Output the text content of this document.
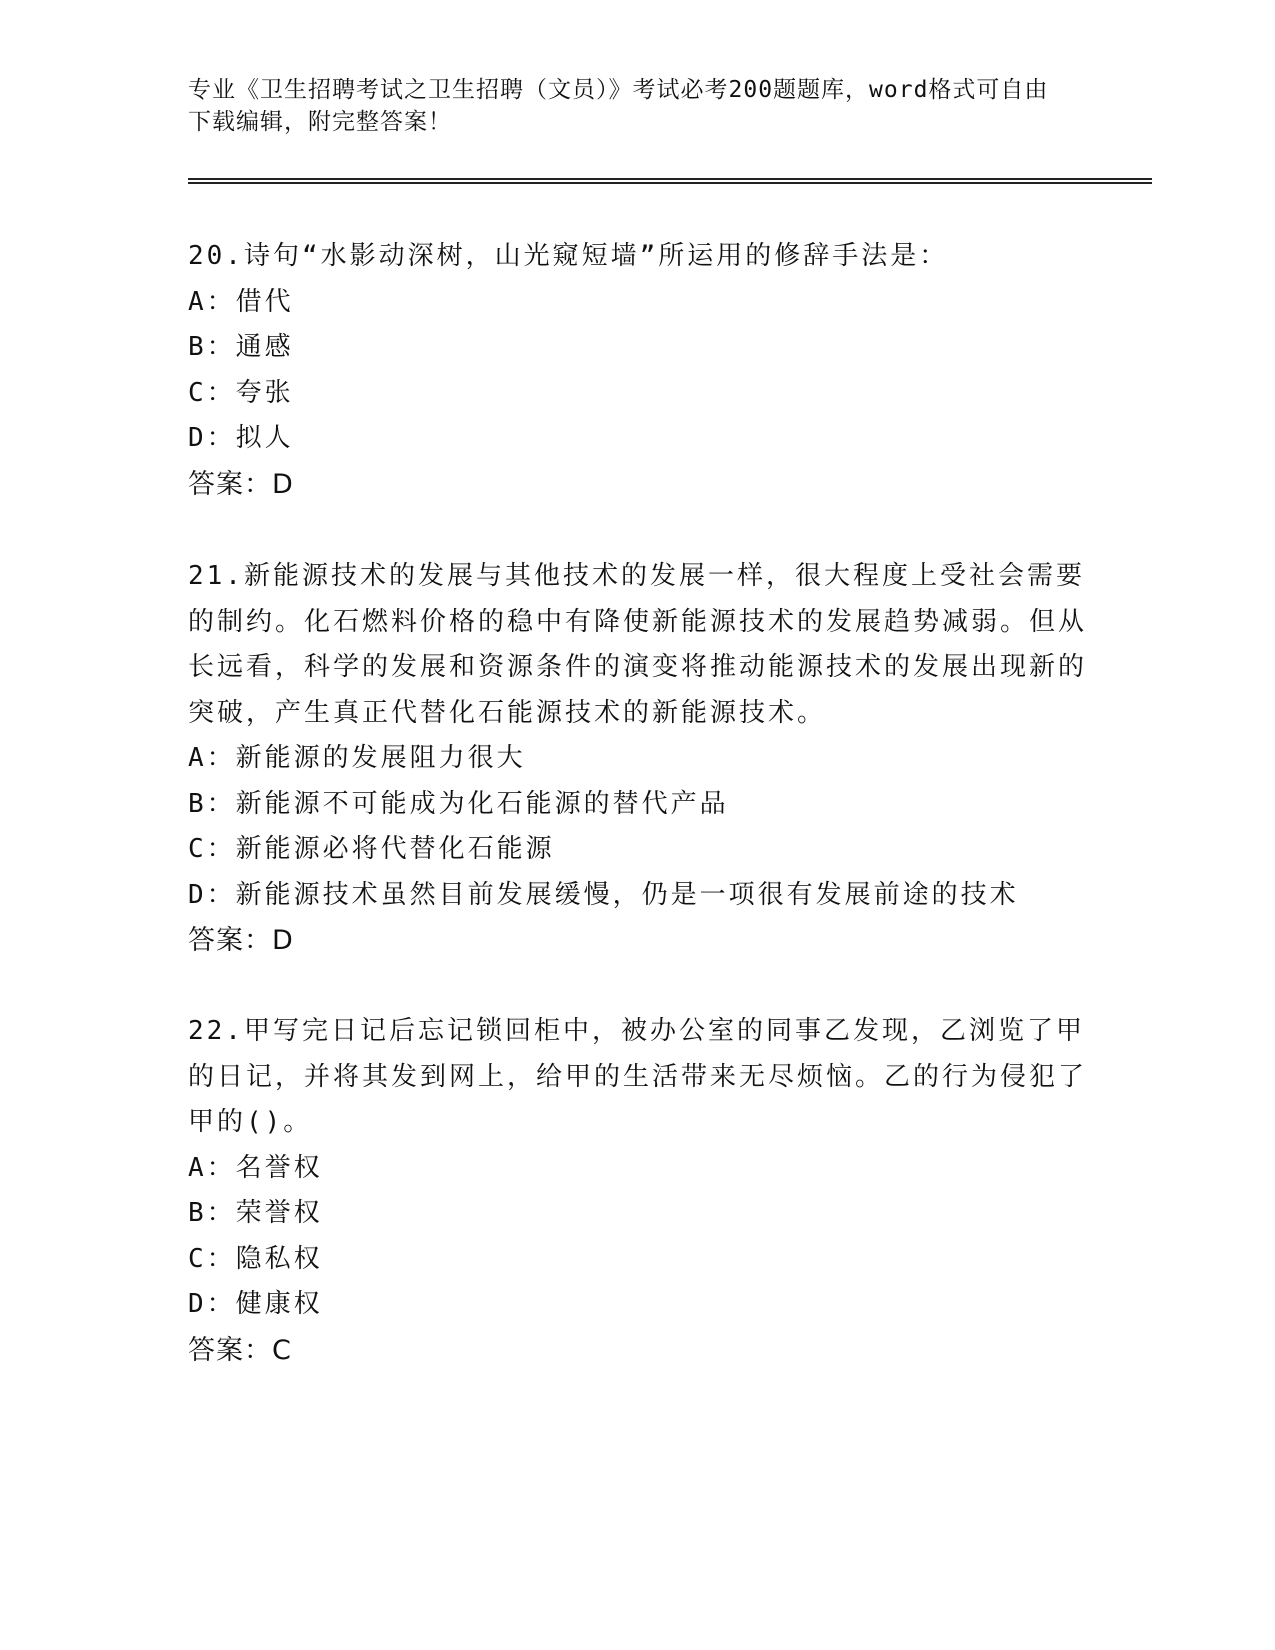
专业《卫生招聘考试之卫生招聘（文员）》考试必考200题题库，word格式可自由下载编辑，附完整答案！

20.诗句“水影动深树，山光窥短墙”所运用的修辞手法是：

A：借代

B：通感

C：夸张

D：拟人

答案：D

21.新能源技术的发展与其他技术的发展一样，很大程度上受社会需要的制约。化石燃料价格的稳中有降使新能源技术的发展趋势减弱。但从长远看，科学的发展和资源条件的演变将推动能源技术的发展出现新的突破，产生真正代替化石能源技术的新能源技术。

A：新能源的发展阻力很大

B：新能源不可能成为化石能源的替代产品

C：新能源必将代替化石能源

D：新能源技术虽然目前发展缓慢，仍是一项很有发展前途的技术

答案：D

22.甲写完日记后忘记锁回柜中，被办公室的同事乙发现，乙浏览了甲的日记，并将其发到网上，给甲的生活带来无尽烦恼。乙的行为侵犯了甲的()。

A：名誉权

B：荣誉权

C：隐私权

D：健康权

答案：C
